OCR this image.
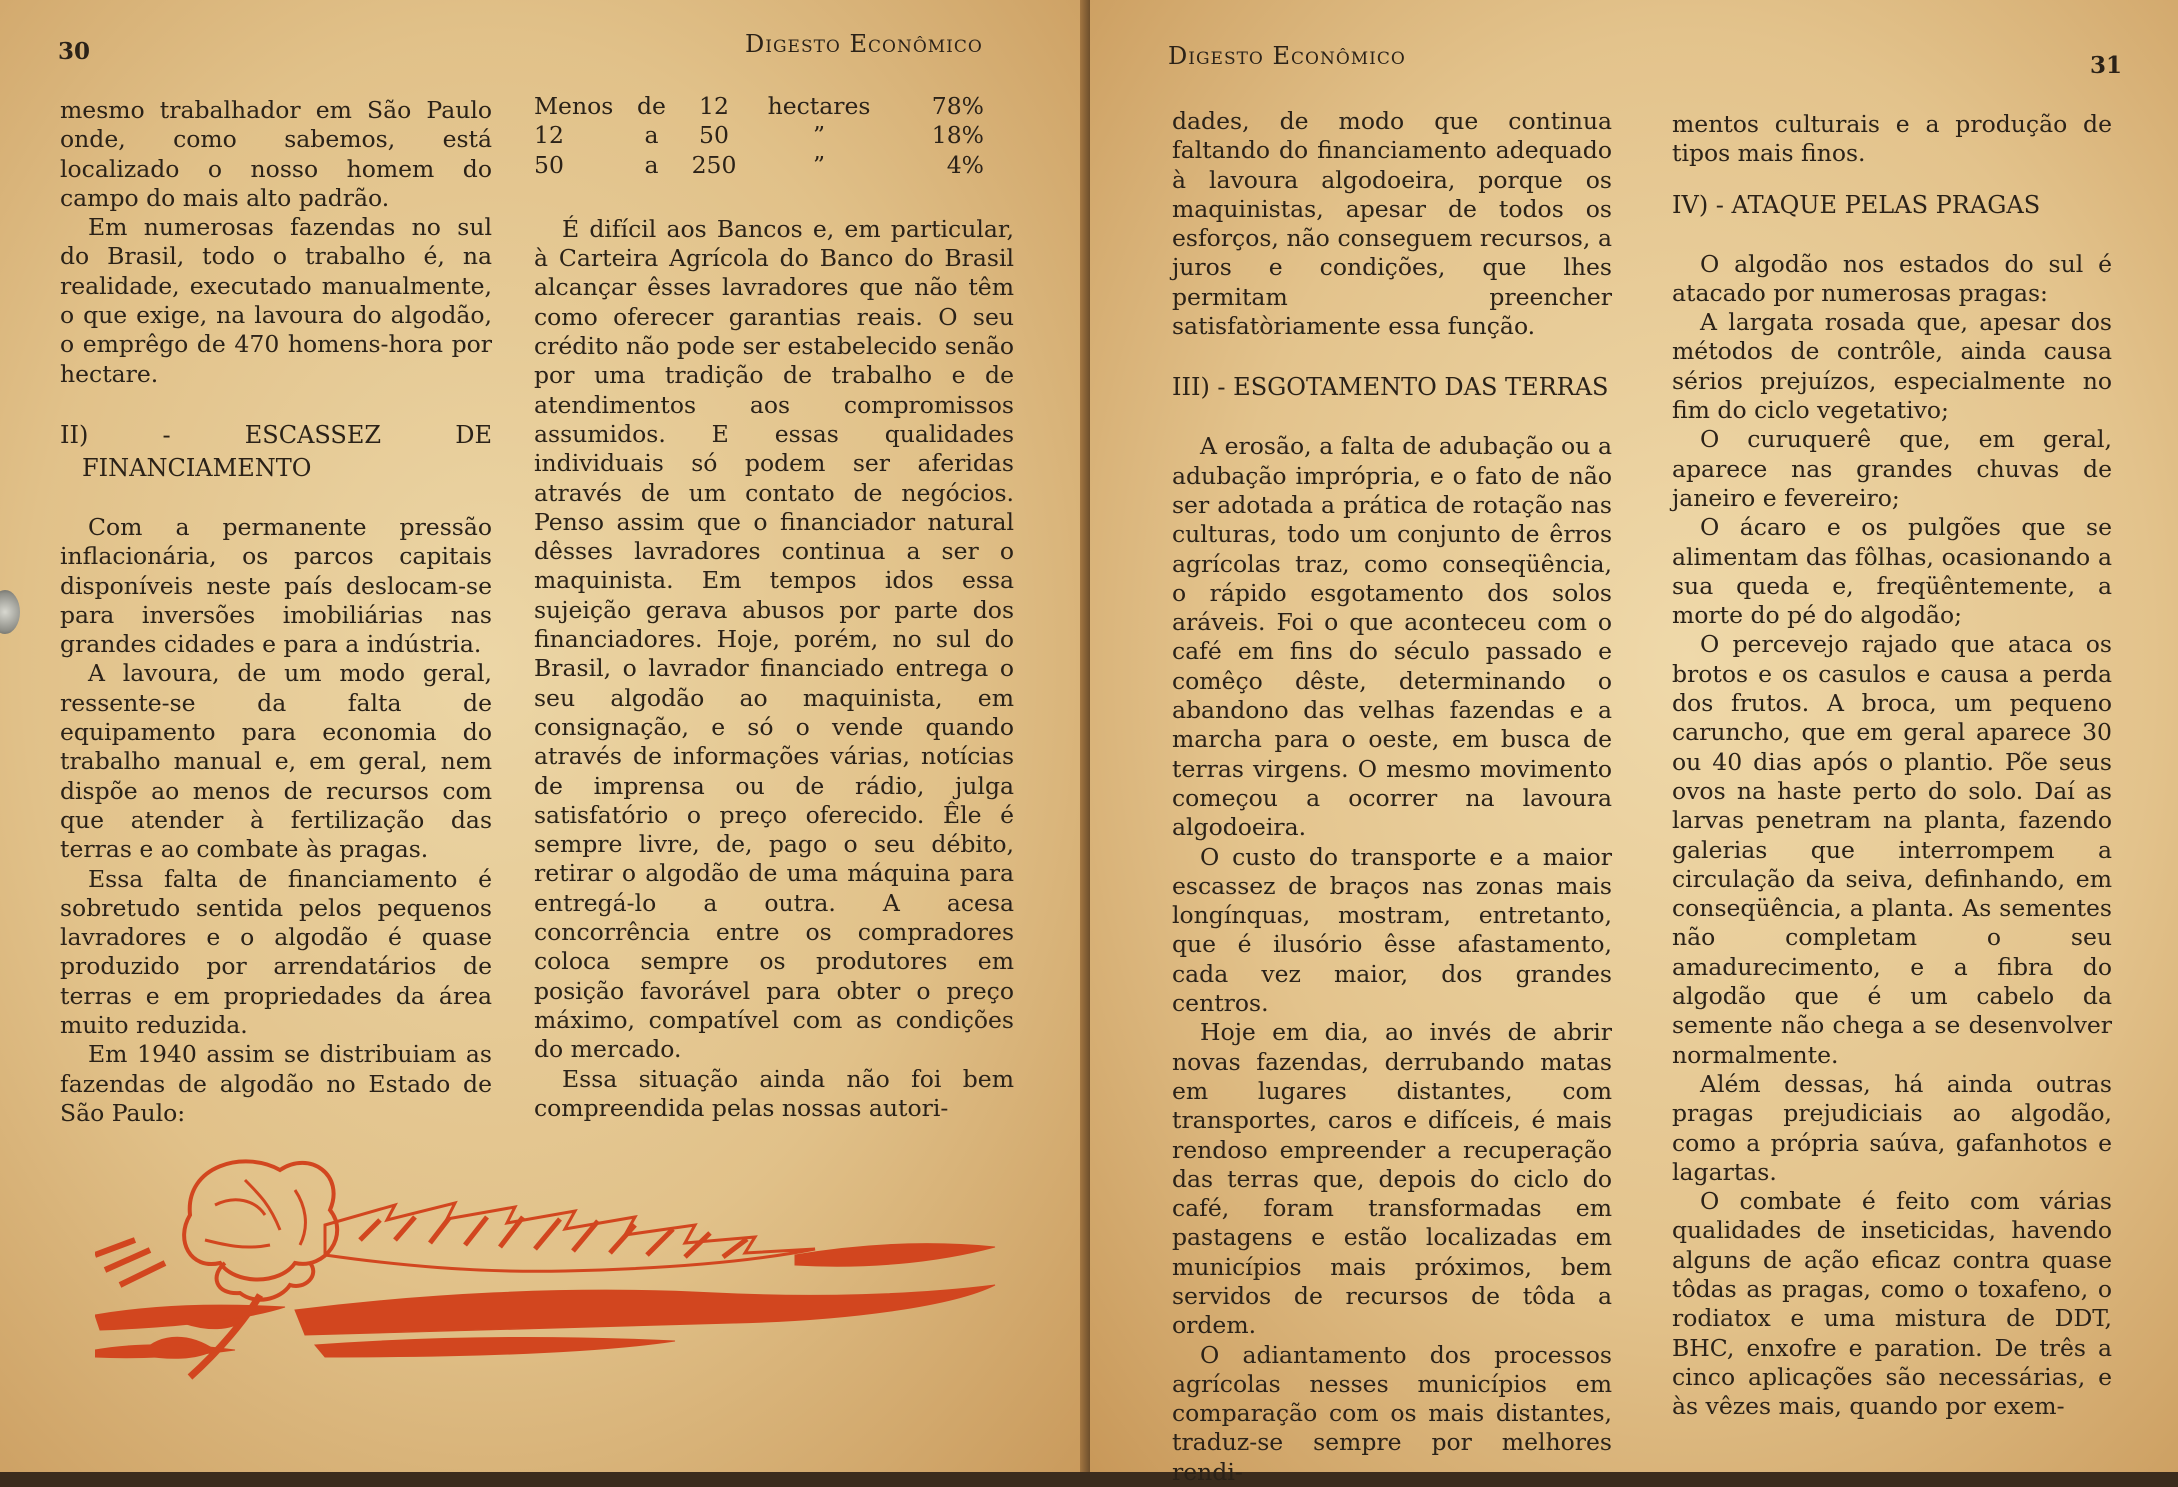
30	Digesto Econômico

mesmo trabalhador em São Paulo onde, como sabemos, está localizado o nosso homem do campo do mais alto padrão.

Em numerosas fazendas no sul do Brasil, todo o trabalho é, na realidade, executado manualmente, o que exige, na lavoura do algodão, o emprêgo de 470 homens-hora por hectare.

II) - ESCASSEZ DE FINANCIAMENTO

Com a permanente pressão inflacionária, os parcos capitais disponíveis neste país deslocam-se para inversões imobiliárias nas grandes cidades e para a indústria.

A lavoura, de um modo geral, ressente-se da falta de equipamento para economia do trabalho manual e, em geral, nem dispõe ao menos de recursos com que atender à fertilização das terras e ao combate às pragas.

Essa falta de financiamento é sobretudo sentida pelos pequenos lavradores e o algodão é quase produzido por arrendatários de terras e em propriedades da área muito reduzida.

Em 1940 assim se distribuiam as fazendas de algodão no Estado de São Paulo:

Menos	de	12	hectares	78%
12	a	50	”	18%
50	a	250	”	4%

É difícil aos Bancos e, em particular, à Carteira Agrícola do Banco do Brasil alcançar êsses lavradores que não têm como oferecer garantias reais. O seu crédito não pode ser estabelecido senão por uma tradição de trabalho e de atendimentos aos compromissos assumidos. E essas qualidades individuais só podem ser aferidas através de um contato de negócios. Penso assim que o financiador natural dêsses lavradores continua a ser o maquinista. Em tempos idos essa sujeição gerava abusos por parte dos financiadores. Hoje, porém, no sul do Brasil, o lavrador financiado entrega o seu algodão ao maquinista, em consignação, e só o vende quando através de informações várias, notícias de imprensa ou de rádio, julga satisfatório o preço oferecido. Êle é sempre livre, de, pago o seu débito, retirar o algodão de uma máquina para entregá-lo a outra. A acesa concorrência entre os compradores coloca sempre os produtores em posição favorável para obter o preço máximo, compatível com as condições do mercado.

Essa situação ainda não foi bem compreendida pelas nossas autori-

Digesto Econômico	31

dades, de modo que continua faltando do financiamento adequado à lavoura algodoeira, porque os maquinistas, apesar de todos os esforços, não conseguem recursos, a juros e condições, que lhes permitam preencher satisfatòriamente essa função.

III) - ESGOTAMENTO DAS TERRAS

A erosão, a falta de adubação ou a adubação imprópria, e o fato de não ser adotada a prática de rotação nas culturas, todo um conjunto de êrros agrícolas traz, como conseqüência, o rápido esgotamento dos solos aráveis. Foi o que aconteceu com o café em fins do século passado e comêço dêste, determinando o abandono das velhas fazendas e a marcha para o oeste, em busca de terras virgens. O mesmo movimento começou a ocorrer na lavoura algodoeira.

O custo do transporte e a maior escassez de braços nas zonas mais longínquas, mostram, entretanto, que é ilusório êsse afastamento, cada vez maior, dos grandes centros.

Hoje em dia, ao invés de abrir novas fazendas, derrubando matas em lugares distantes, com transportes, caros e difíceis, é mais rendoso empreender a recuperação das terras que, depois do ciclo do café, foram transformadas em pastagens e estão localizadas em municípios mais próximos, bem servidos de recursos de tôda a ordem.

O adiantamento dos processos agrícolas nesses municípios em comparação com os mais distantes, traduz-se sempre por melhores rendi-

mentos culturais e a produção de tipos mais finos.

IV) - ATAQUE PELAS PRAGAS

O algodão nos estados do sul é atacado por numerosas pragas:

A largata rosada que, apesar dos métodos de contrôle, ainda causa sérios prejuízos, especialmente no fim do ciclo vegetativo;

O curuquerê que, em geral, aparece nas grandes chuvas de janeiro e fevereiro;

O ácaro e os pulgões que se alimentam das fôlhas, ocasionando a sua queda e, freqüêntemente, a morte do pé do algodão;

O percevejo rajado que ataca os brotos e os casulos e causa a perda dos frutos. A broca, um pequeno caruncho, que em geral aparece 30 ou 40 dias após o plantio. Põe seus ovos na haste perto do solo. Daí as larvas penetram na planta, fazendo galerias que interrompem a circulação da seiva, definhando, em conseqüência, a planta. As sementes não completam o seu amadurecimento, e a fibra do algodão que é um cabelo da semente não chega a se desenvolver normalmente.

Além dessas, há ainda outras pragas prejudiciais ao algodão, como a própria saúva, gafanhotos e lagartas.

O combate é feito com várias qualidades de inseticidas, havendo alguns de ação eficaz contra quase tôdas as pragas, como o toxafeno, o rodiatox e uma mistura de DDT, BHC, enxofre e paration. De três a cinco aplicações são necessárias, e às vêzes mais, quando por exem-
